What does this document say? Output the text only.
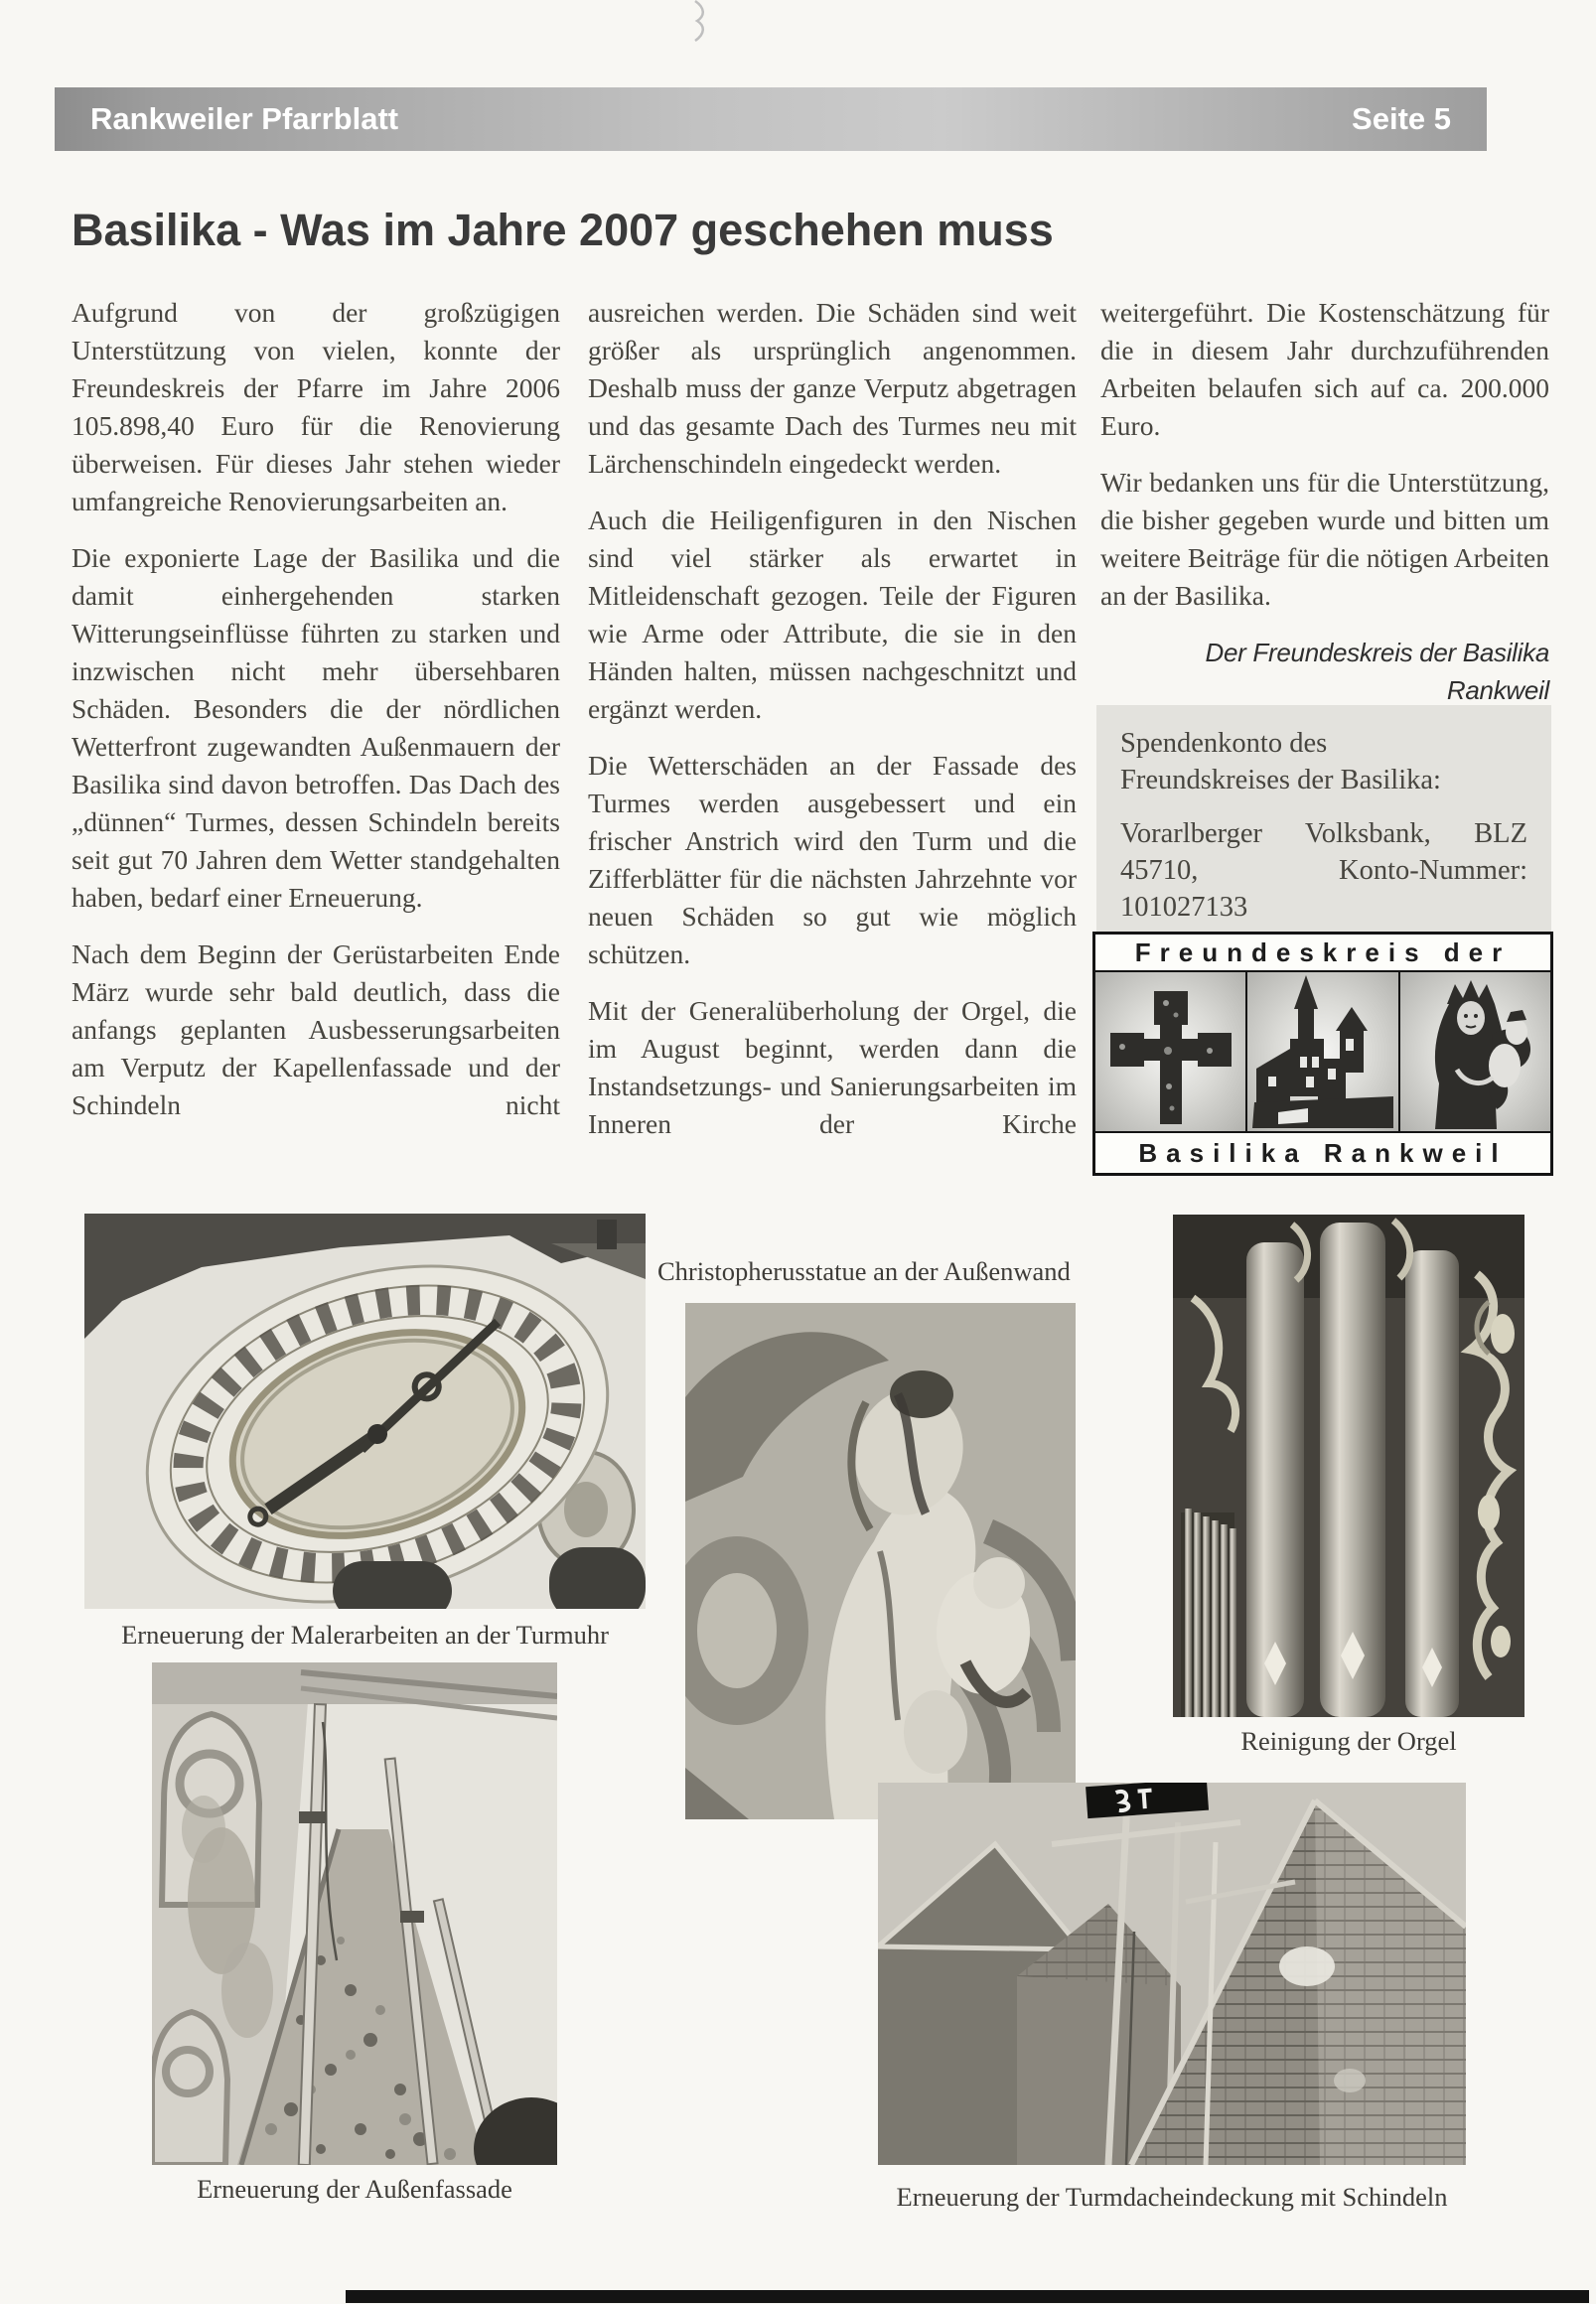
Rankweiler Pfarrblatt	Seite 5
Basilika - Was im Jahre 2007 geschehen muss

Aufgrund von der großzügigen Unterstützung von vielen, konnte der Freundeskreis der Pfarre im Jahre 2006 105.898,40 Euro für die Renovierung überweisen. Für dieses Jahr stehen wieder umfangreiche Renovierungsarbeiten an.

Die exponierte Lage der Basilika und die damit einhergehenden starken Witterungseinflüsse führten zu starken und inzwischen nicht mehr übersehbaren Schäden. Besonders die der nördlichen Wetterfront zugewandten Außenmauern der Basilika sind davon betroffen. Das Dach des „dünnen“ Turmes, dessen Schindeln bereits seit gut 70 Jahren dem Wetter standgehalten haben, bedarf einer Erneuerung.

Nach dem Beginn der Gerüstarbeiten Ende März wurde sehr bald deutlich, dass die anfangs geplanten Ausbesserungsarbeiten am Verputz der Kapellenfassade und der Schindeln nicht

ausreichen werden. Die Schäden sind weit größer als ursprünglich angenommen. Deshalb muss der ganze Verputz abgetragen und das gesamte Dach des Turmes neu mit Lärchenschindeln eingedeckt werden.

Auch die Heiligenfiguren in den Nischen sind viel stärker als erwartet in Mitleidenschaft gezogen. Teile der Figuren wie Arme oder Attribute, die sie in den Händen halten, müssen nachgeschnitzt und ergänzt werden.

Die Wetterschäden an der Fassade des Turmes werden ausgebessert und ein frischer Anstrich wird den Turm und die Zifferblätter für die nächsten Jahrzehnte vor neuen Schäden so gut wie möglich schützen.

Mit der Generalüberholung der Orgel, die im August beginnt, werden dann die Instandsetzungs- und Sanierungsarbeiten im Inneren der Kirche

weitergeführt. Die Kostenschätzung für die in diesem Jahr durchzuführenden Arbeiten belaufen sich auf ca. 200.000 Euro.

Wir bedanken uns für die Unterstützung, die bisher gegeben wurde und bitten um weitere Beiträge für die nötigen Arbeiten an der Basilika.

Der Freundeskreis der Basilika Rankweil
Spendenkonto des
Freundskreises der Basilika:
Vorarlberger Volksbank, BLZ 45710, Konto-Nummer: 101027133
Freundeskreis der
Basilika Rankweil
Erneuerung der Malerarbeiten an der Turmuhr
Christopherusstatue an der Außenwand
Reinigung der Orgel
Erneuerung der Außenfassade	Erneuerung der Turmdacheindeckung mit Schindeln
